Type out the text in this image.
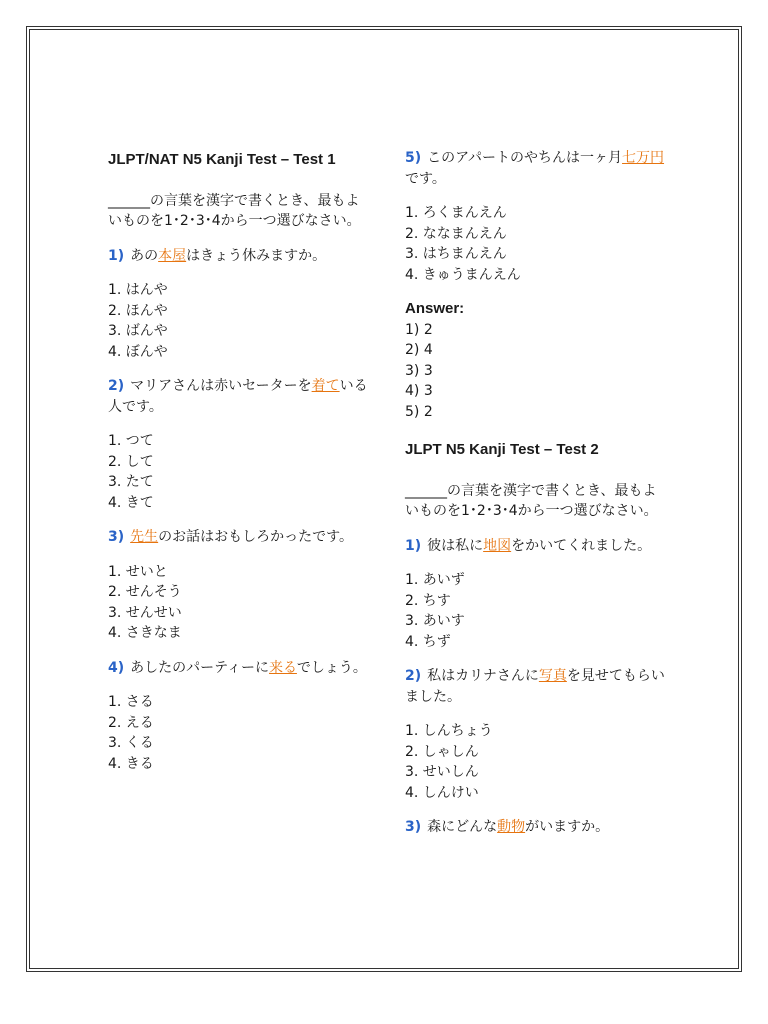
JLPT/NAT N5 Kanji Test – Test 1
______の言葉を漢字で書くとき、最もよいものを1･2･3･4から一つ選びなさい。
1) あの本屋はきょう休みますか。
1. はんや
2. ほんや
3. ばんや
4. ぼんや
2) マリアさんは赤いセーターを着ている人です。
1. つて
2. して
3. たて
4. きて
3) 先生のお話はおもしろかったです。
1. せいと
2. せんそう
3. せんせい
4. さきなま
4) あしたのパーティーに来るでしょう。
1. さる
2. える
3. くる
4. きる
5) このアパートのやちんは一ヶ月七万円です。
1. ろくまんえん
2. ななまんえん
3. はちまんえん
4. きゅうまんえん
Answer:
1) 2
2) 4
3) 3
4) 3
5) 2
JLPT N5 Kanji Test – Test 2
______の言葉を漢字で書くとき、最もよいものを1･2･3･4から一つ選びなさい。
1) 彼は私に地図をかいてくれました。
1. あいず
2. ちす
3. あいす
4. ちず
2) 私はカリナさんに写真を見せてもらいました。
1. しんちょう
2. しゃしん
3. せいしん
4. しんけい
3) 森にどんな動物がいますか。
